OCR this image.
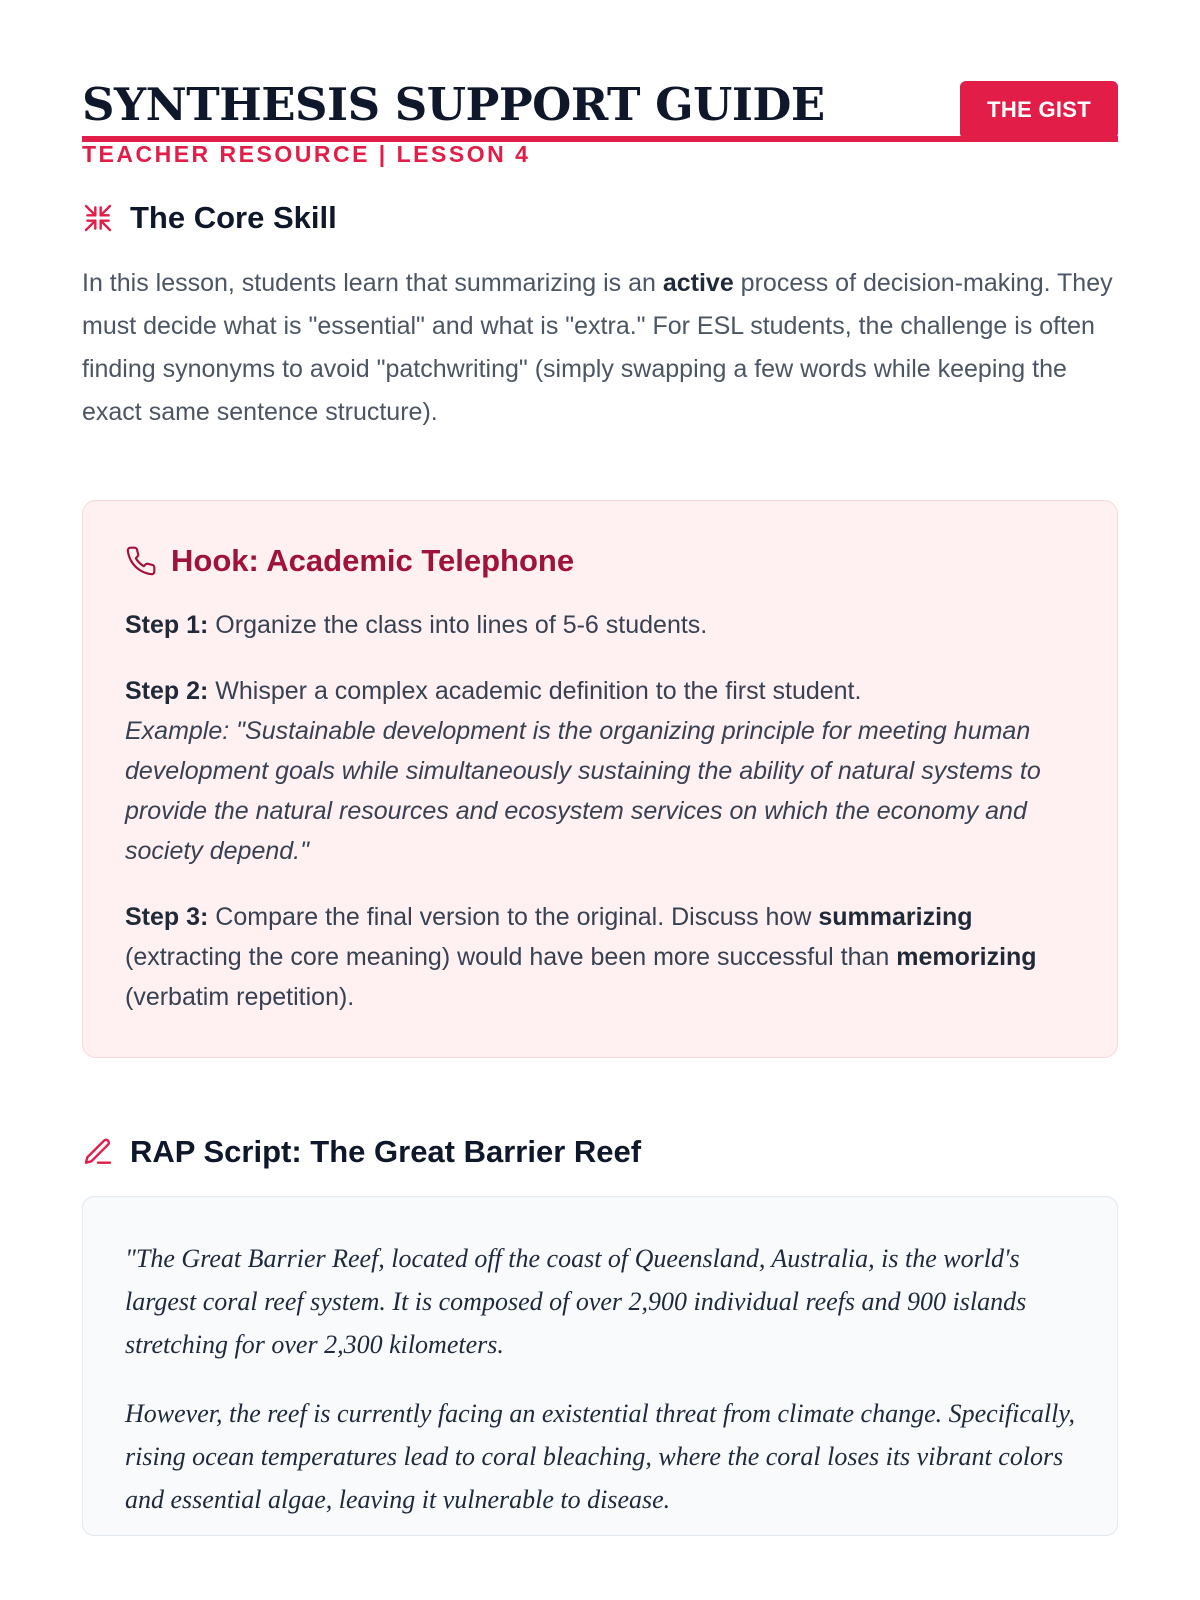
SYNTHESIS SUPPORT GUIDE
TEACHER RESOURCE | LESSON 4
THE GIST
The Core Skill

In this lesson, students learn that summarizing is an active process of decision-making. They must decide what is "essential" and what is "extra." For ESL students, the challenge is often finding synonyms to avoid "patchwriting" (simply swapping a few words while keeping the exact same sentence structure).

Hook: Academic Telephone
Step 1: Organize the class into lines of 5-6 students.
Step 2: Whisper a complex academic definition to the first student.
Example: "Sustainable development is the organizing principle for meeting human development goals while simultaneously sustaining the ability of natural systems to provide the natural resources and ecosystem services on which the economy and society depend."
Step 3: Compare the final version to the original. Discuss how summarizing (extracting the core meaning) would have been more successful than memorizing (verbatim repetition).
RAP Script: The Great Barrier Reef

"The Great Barrier Reef, located off the coast of Queensland, Australia, is the world's largest coral reef system. It is composed of over 2,900 individual reefs and 900 islands stretching for over 2,300 kilometers.

However, the reef is currently facing an existential threat from climate change. Specifically, rising ocean temperatures lead to coral bleaching, where the coral loses its vibrant colors and essential algae, leaving it vulnerable to disease.
